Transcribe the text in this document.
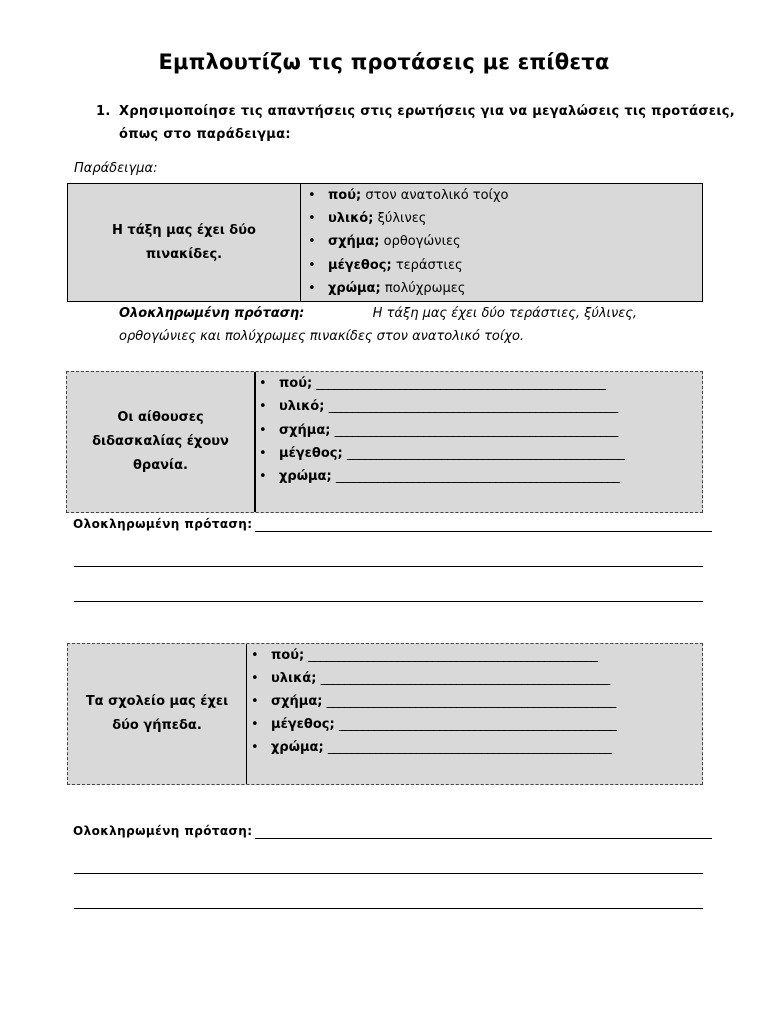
Εμπλουτίζω τις προτάσεις με επίθετα
1. Χρησιμοποίησε τις απαντήσεις στις ερωτήσεις για να μεγαλώσεις τις προτάσεις,
όπως στο παράδειγμα:
Παράδειγμα:
Η τάξη μας έχει δύο
πινακίδες.
• πού; στον ανατολικό τοίχο
• υλικό; ξύλινες
• σχήμα; ορθογώνιες
• μέγεθος; τεράστιες
• χρώμα; πολύχρωμες
Ολοκληρωμένη πρόταση:	Η τάξη μας έχει δύο τεράστιες, ξύλινες,
ορθογώνιες και πολύχρωμες πινακίδες στον ανατολικό τοίχο.
Οι αίθουσες
διδασκαλίας έχουν
θρανία.
• πού; _________________________________________________
• υλικό; _________________________________________________
• σχήμα; ________________________________________________
• μέγεθος; _______________________________________________
• χρώμα; ________________________________________________
Ολοκληρωμένη πρόταση:
Τα σχολείο μας έχει
δύο γήπεδα.
• πού; _________________________________________________
• υλικά; _________________________________________________
• σχήμα; _________________________________________________
• μέγεθος; _______________________________________________
• χρώμα; ________________________________________________
Ολοκληρωμένη πρόταση:
